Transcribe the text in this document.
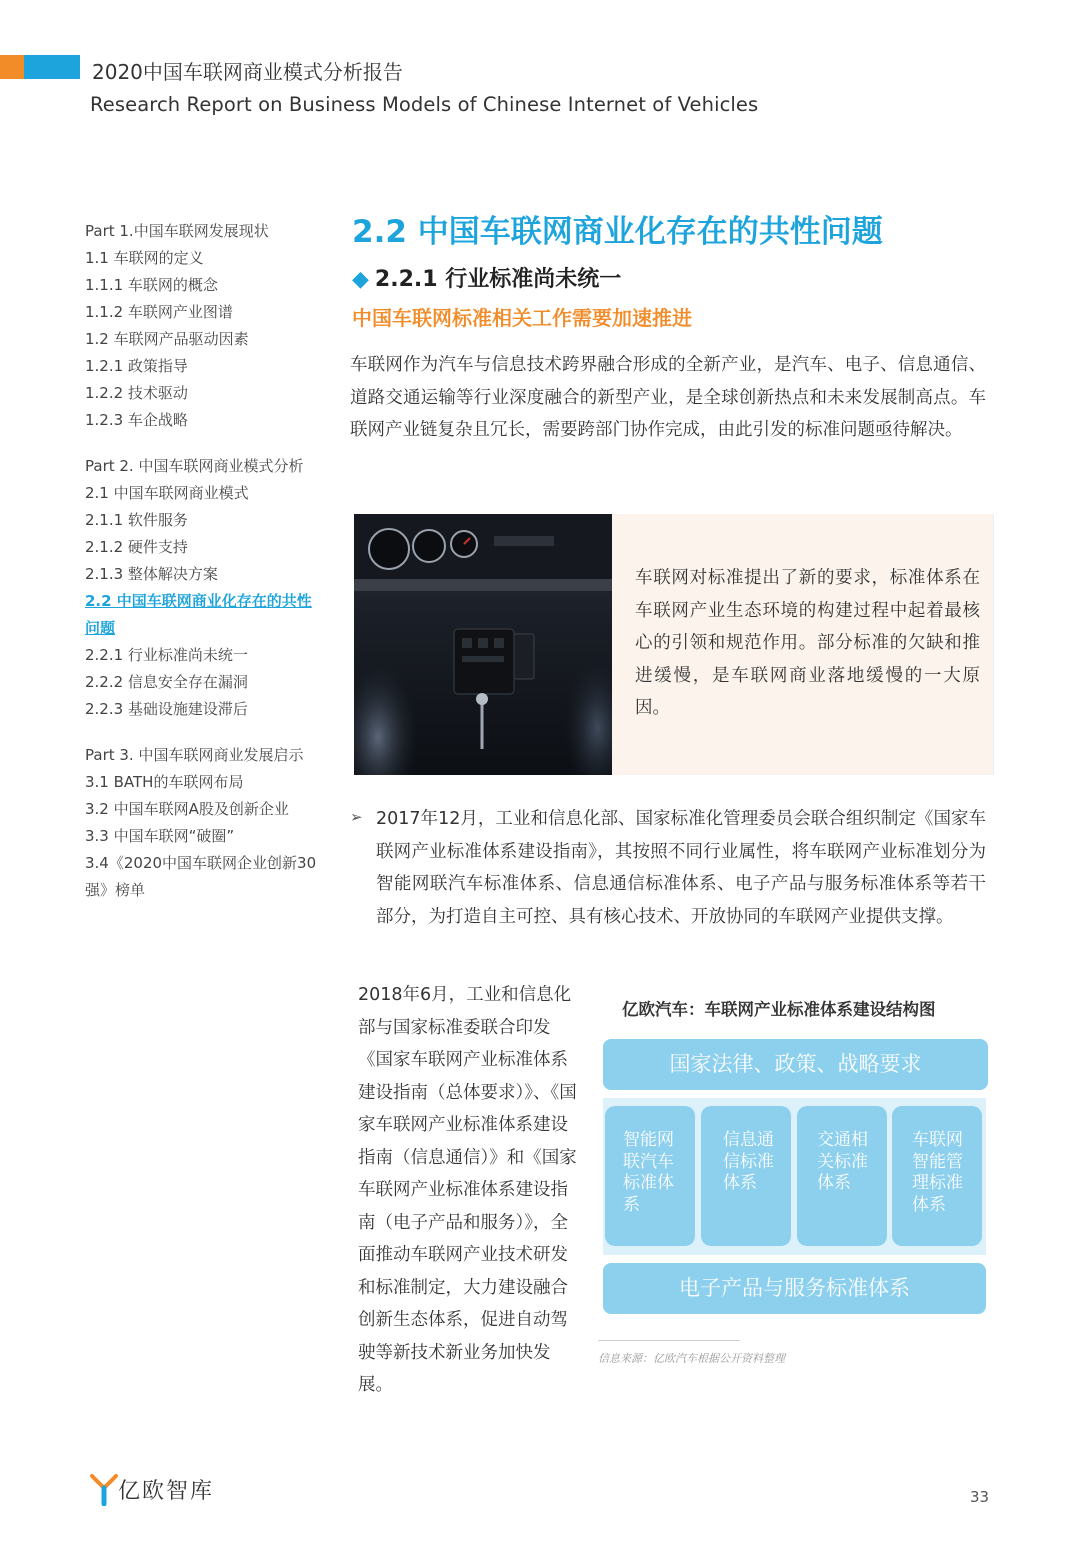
2020中国车联网商业模式分析报告
Research Report on Business Models of Chinese Internet of Vehicles
Part 1.中国车联网发展现状
1.1 车联网的定义
1.1.1 车联网的概念
1.1.2 车联网产业图谱
1.2 车联网产品驱动因素
1.2.1 政策指导
1.2.2 技术驱动
1.2.3 车企战略
Part 2. 中国车联网商业模式分析
2.1 中国车联网商业模式
2.1.1 软件服务
2.1.2 硬件支持
2.1.3 整体解决方案
2.2 中国车联网商业化存在的共性问题
2.2.1 行业标准尚未统一
2.2.2 信息安全存在漏洞
2.2.3 基础设施建设滞后
Part 3. 中国车联网商业发展启示
3.1 BATH的车联网布局
3.2 中国车联网A股及创新企业
3.3 中国车联网“破圈”
3.4《2020中国车联网企业创新30强》榜单
2.2 中国车联网商业化存在的共性问题
◆ 2.2.1 行业标准尚未统一
中国车联网标准相关工作需要加速推进
车联网作为汽车与信息技术跨界融合形成的全新产业，是汽车、电子、信息通信、道路交通运输等行业深度融合的新型产业，是全球创新热点和未来发展制高点。车联网产业链复杂且冗长，需要跨部门协作完成，由此引发的标准问题亟待解决。
车联网对标准提出了新的要求，标准体系在车联网产业生态环境的构建过程中起着最核心的引领和规范作用。部分标准的欠缺和推进缓慢，是车联网商业落地缓慢的一大原因。
➢ 2017年12月，工业和信息化部、国家标准化管理委员会联合组织制定《国家车联网产业标准体系建设指南》，其按照不同行业属性，将车联网产业标准划分为智能网联汽车标准体系、信息通信标准体系、电子产品与服务标准体系等若干部分，为打造自主可控、具有核心技术、开放协同的车联网产业提供支撑。
2018年6月，工业和信息化部与国家标准委联合印发《国家车联网产业标准体系建设指南（总体要求）》、《国家车联网产业标准体系建设指南（信息通信）》和《国家车联网产业标准体系建设指南（电子产品和服务）》，全面推动车联网产业技术研发和标准制定，大力建设融合创新生态体系，促进自动驾驶等新技术新业务加快发展。
亿欧汽车：车联网产业标准体系建设结构图
国家法律、政策、战略要求
智能网联汽车标准体系
信息通信标准体系
交通相关标准体系
车联网智能管理标准体系
电子产品与服务标准体系
信息来源：亿欧汽车根据公开资料整理
亿欧智库	33
